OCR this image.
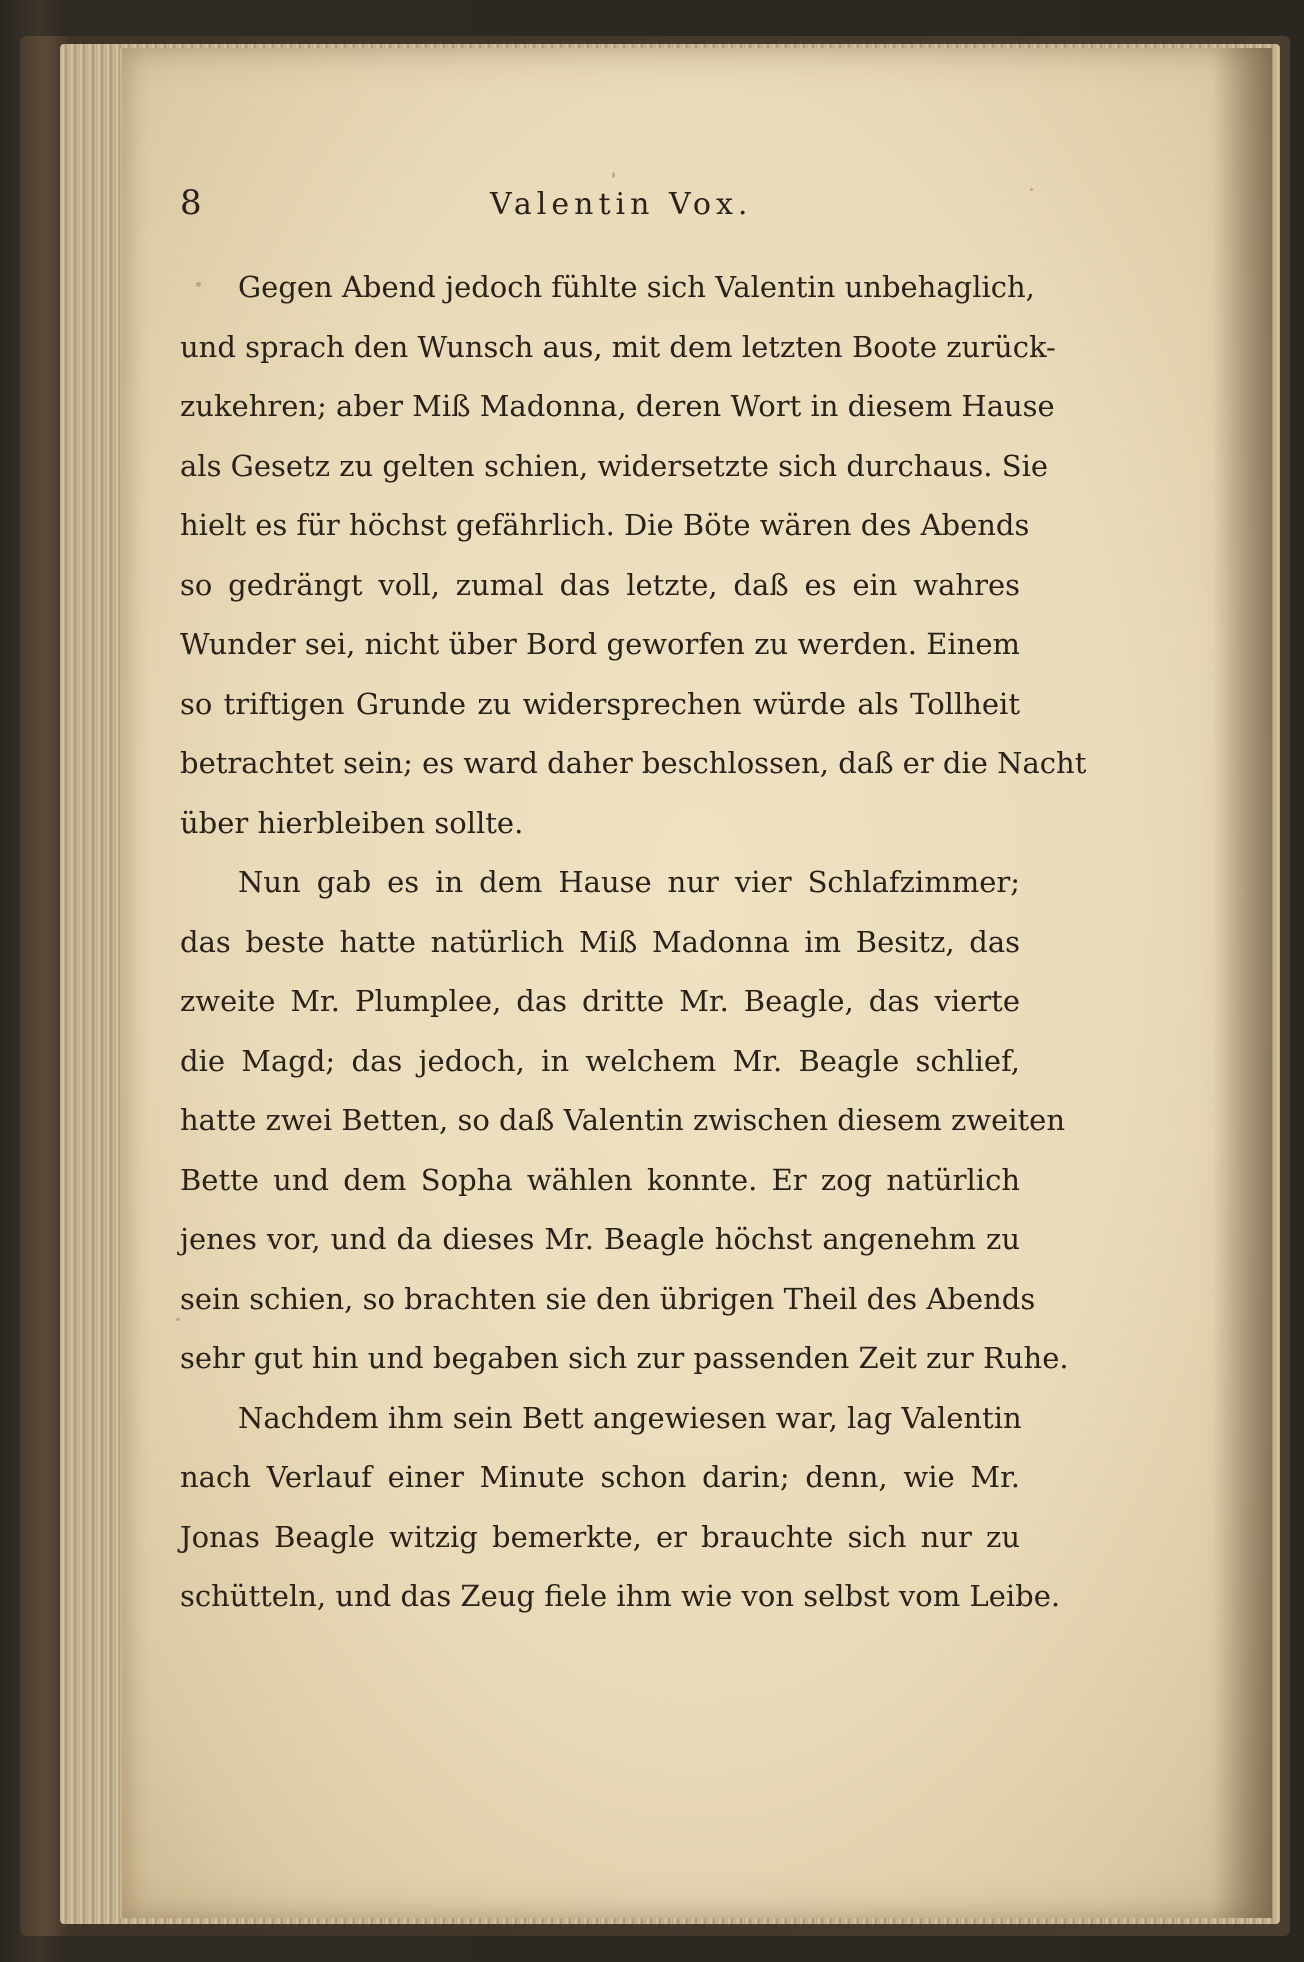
8	Valentin Vox.

Gegen Abend jedoch fühlte sich Valentin unbehaglich,
und sprach den Wunsch aus, mit dem letzten Boote zurück-
zukehren; aber Miß Madonna, deren Wort in diesem Hause
als Gesetz zu gelten schien, widersetzte sich durchaus. Sie
hielt es für höchst gefährlich. Die Böte wären des Abends
so gedrängt voll, zumal das letzte, daß es ein wahres
Wunder sei, nicht über Bord geworfen zu werden. Einem
so triftigen Grunde zu widersprechen würde als Tollheit
betrachtet sein; es ward daher beschlossen, daß er die Nacht
über hierbleiben sollte.

Nun gab es in dem Hause nur vier Schlafzimmer;
das beste hatte natürlich Miß Madonna im Besitz, das
zweite Mr. Plumplee, das dritte Mr. Beagle, das vierte
die Magd; das jedoch, in welchem Mr. Beagle schlief,
hatte zwei Betten, so daß Valentin zwischen diesem zweiten
Bette und dem Sopha wählen konnte. Er zog natürlich
jenes vor, und da dieses Mr. Beagle höchst angenehm zu
sein schien, so brachten sie den übrigen Theil des Abends
sehr gut hin und begaben sich zur passenden Zeit zur Ruhe.

Nachdem ihm sein Bett angewiesen war, lag Valentin
nach Verlauf einer Minute schon darin; denn, wie Mr.
Jonas Beagle witzig bemerkte, er brauchte sich nur zu
schütteln, und das Zeug fiele ihm wie von selbst vom Leibe.
